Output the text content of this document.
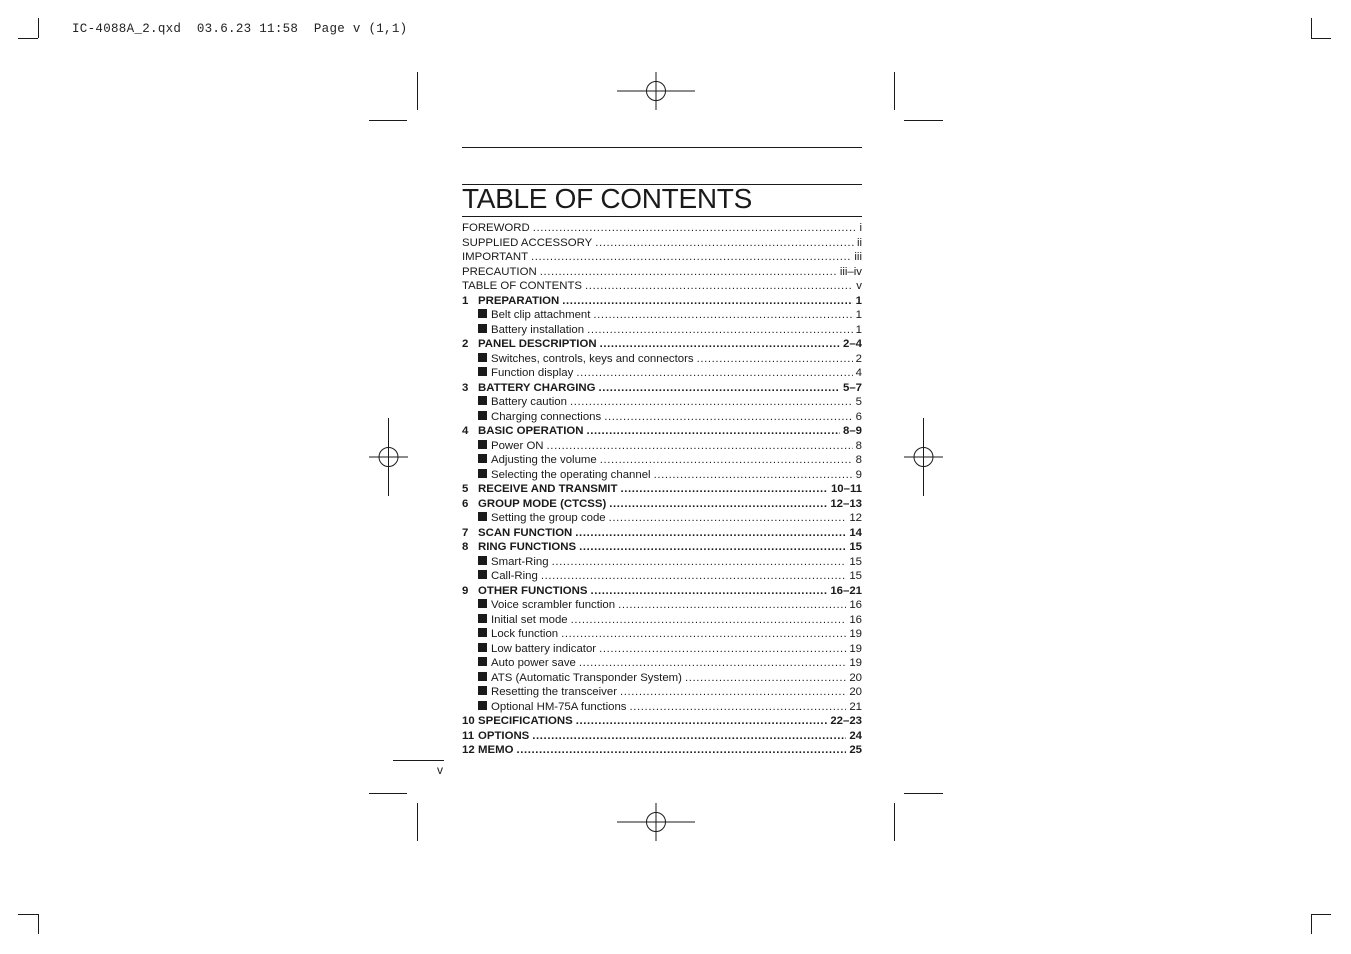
IC-4088A_2.qxd  03.6.23 11:58  Page v (1,1)
TABLE OF CONTENTS
FOREWORD .....	i
SUPPLIED ACCESSORY .....	ii
IMPORTANT .....	iii
PRECAUTION .....	iii–iv
TABLE OF CONTENTS .....	v
1 PREPARATION .....	1
Belt clip attachment .....	1
Battery installation .....	1
2 PANEL DESCRIPTION .....	2–4
Switches, controls, keys and connectors .....	2
Function display .....	4
3 BATTERY CHARGING .....	5–7
Battery caution .....	5
Charging connections .....	6
4 BASIC OPERATION .....	8–9
Power ON .....	8
Adjusting the volume .....	8
Selecting the operating channel .....	9
5 RECEIVE AND TRANSMIT .....	10–11
6 GROUP MODE (CTCSS) .....	12–13
Setting the group code .....	12
7 SCAN FUNCTION .....	14
8 RING FUNCTIONS .....	15
Smart-Ring .....	15
Call-Ring .....	15
9 OTHER FUNCTIONS .....	16–21
Voice scrambler function .....	16
Initial set mode .....	16
Lock function .....	19
Low battery indicator .....	19
Auto power save .....	19
ATS (Automatic Transponder System) .....	20
Resetting the transceiver .....	20
Optional HM-75A functions .....	21
10 SPECIFICATIONS .....	22–23
11 OPTIONS .....	24
12 MEMO .....	25
v
